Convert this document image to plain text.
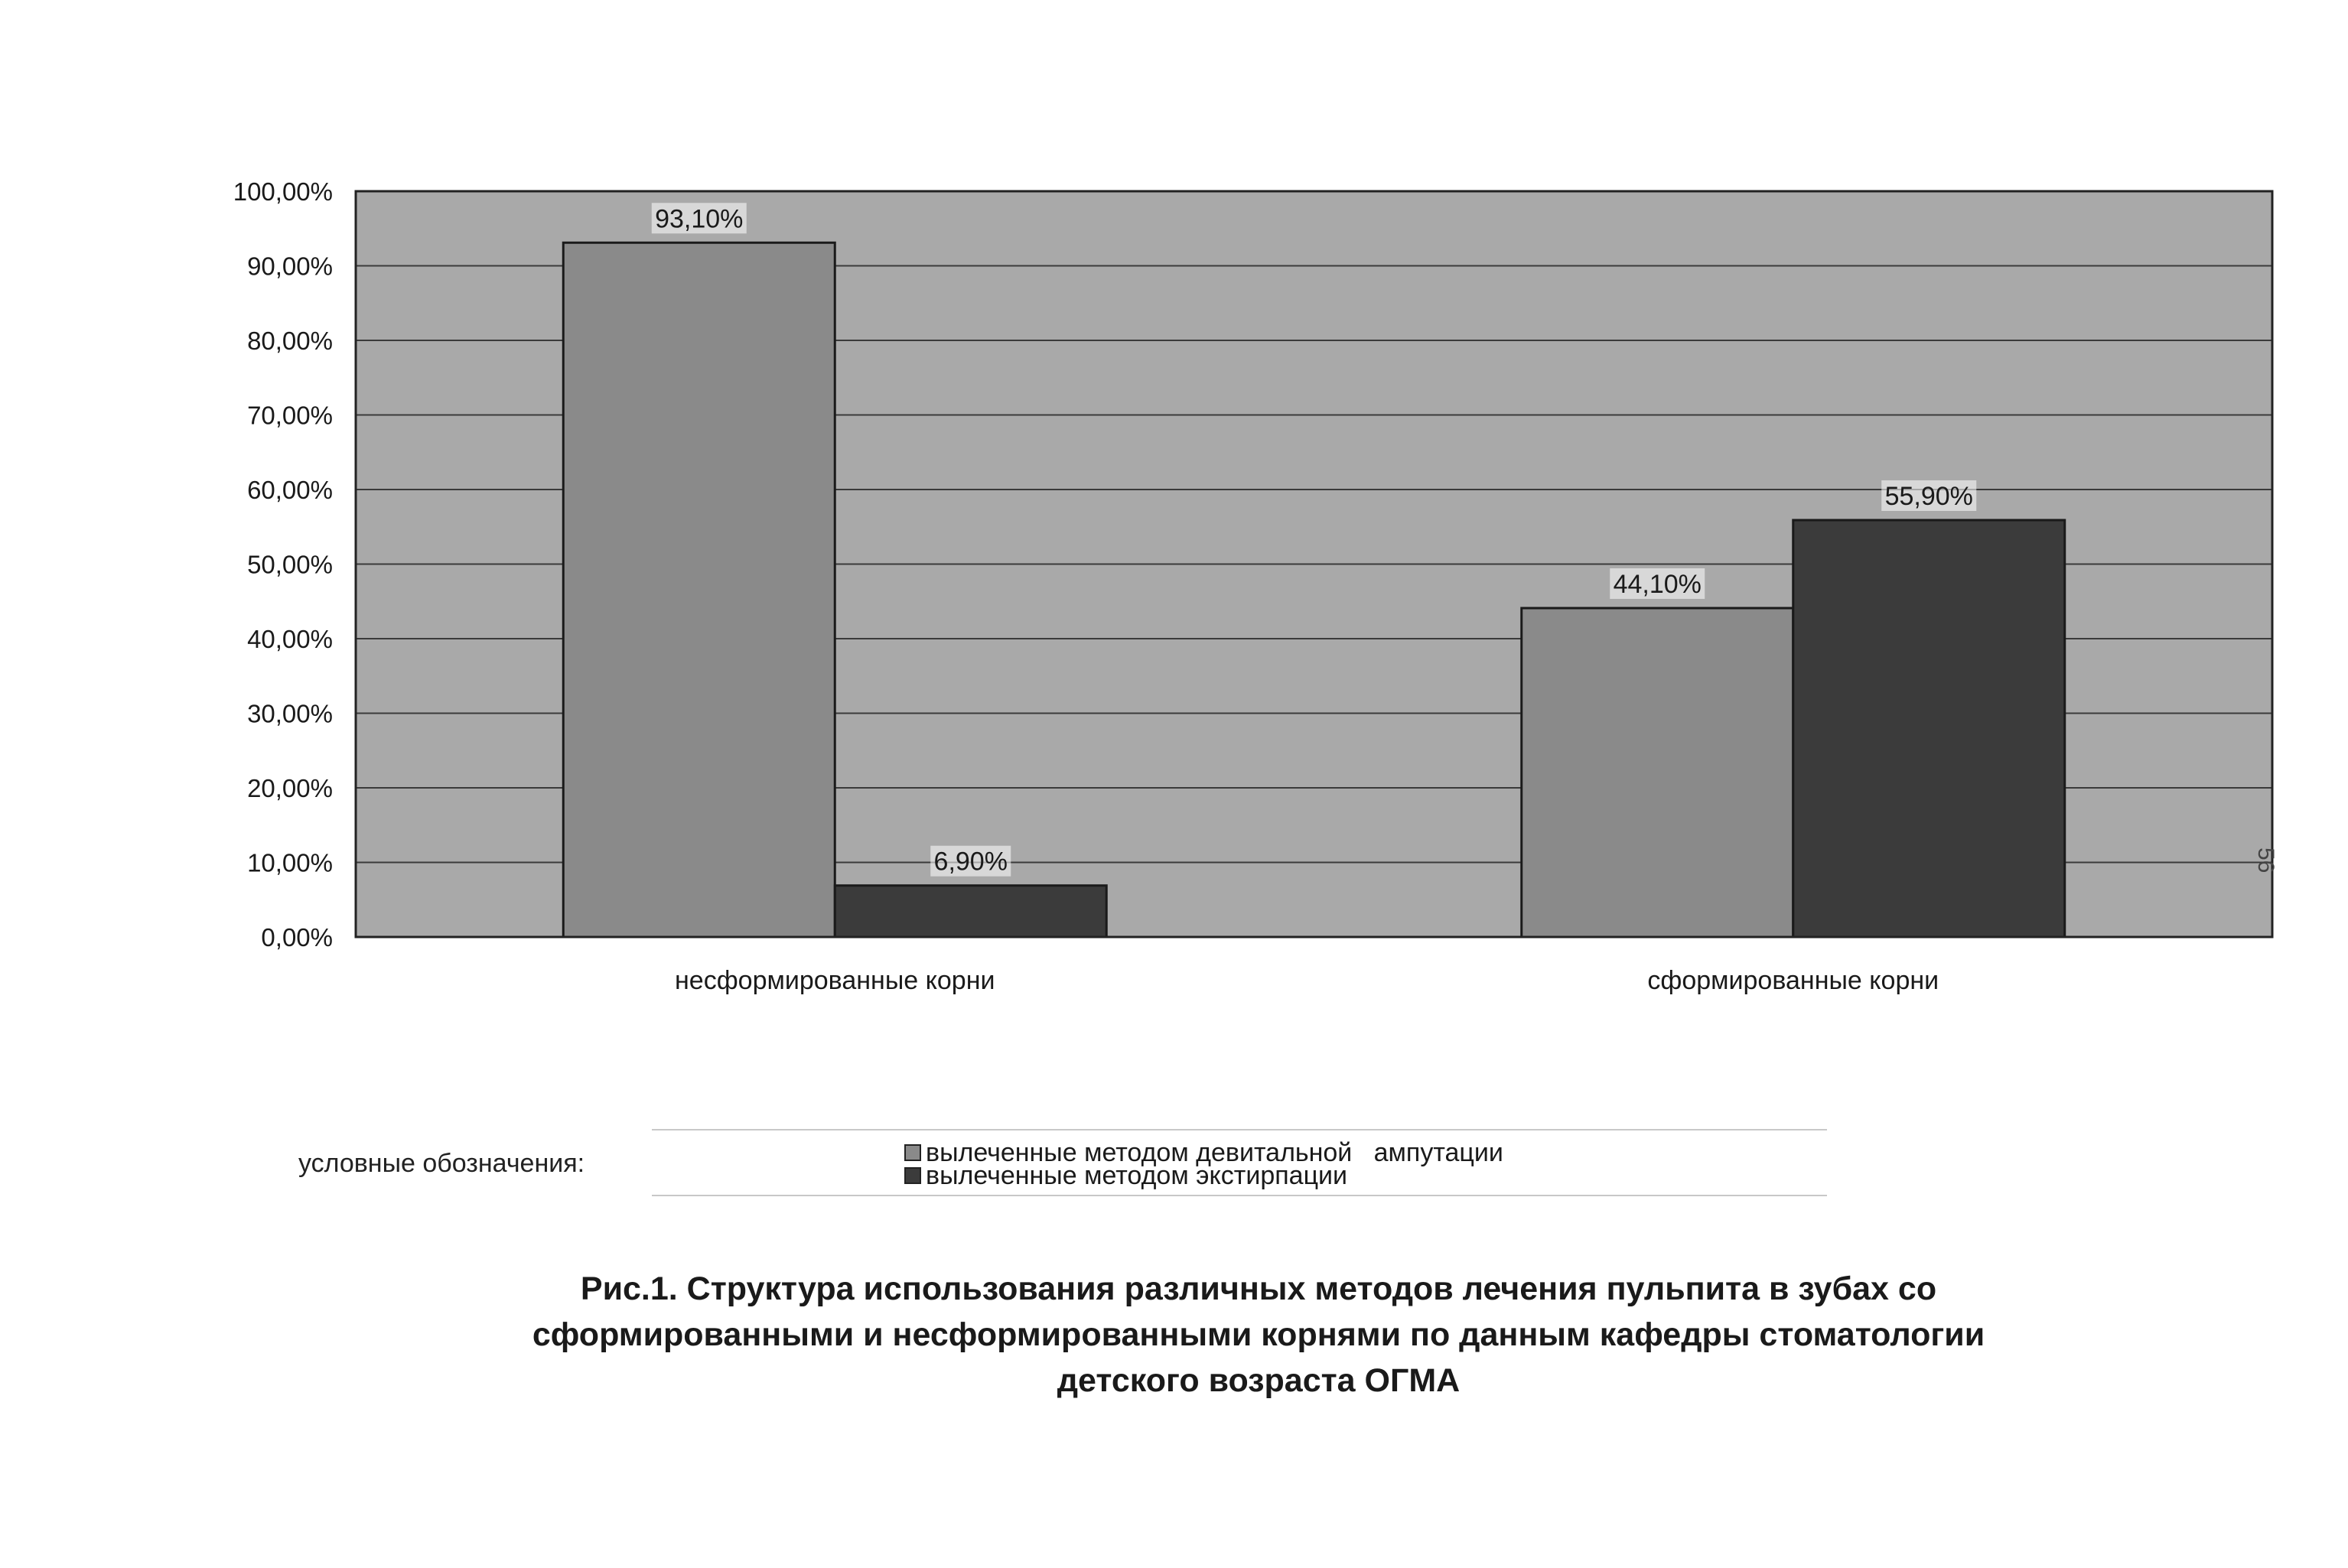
0,00%
10,00%
20,00%
30,00%
40,00%
50,00%
60,00%
70,00%
80,00%
90,00%
100,00%
93,10%
6,90%
44,10%
55,90%
несформированные корни	сформированные корни
условные обозначения:	вылеченные методом девитальной   ампутации
вылеченные методом экстирпации
Рис.1. Структура использования различных методов лечения пульпита в зубах со
сформированными и несформированными корнями по данным кафедры стоматологии
детского возраста ОГМА
56
